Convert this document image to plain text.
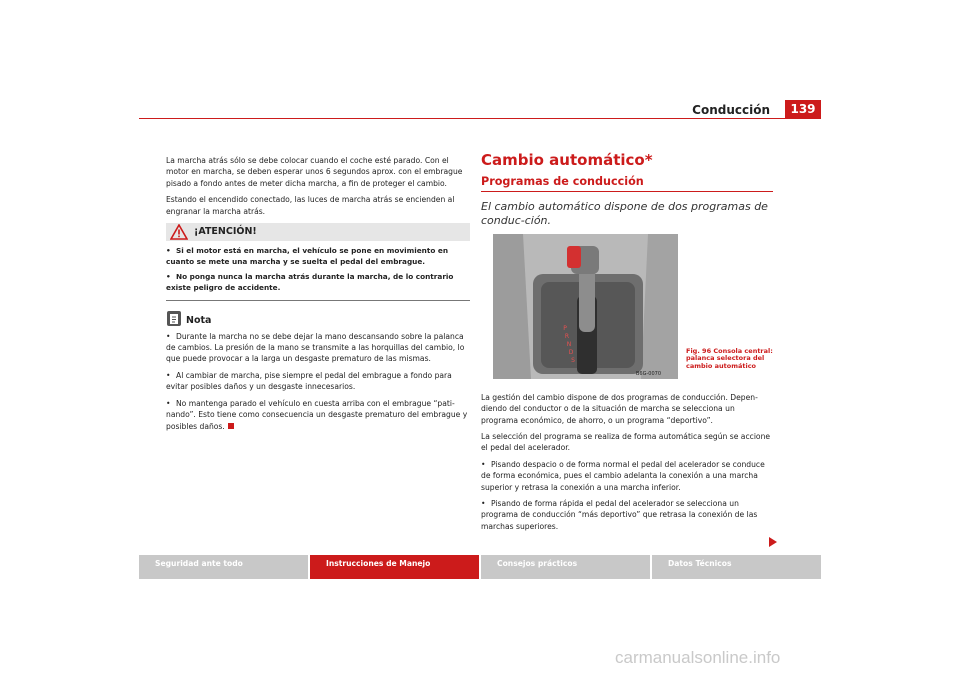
Conducción	139

La marcha atrás sólo se debe colocar cuando el coche esté parado. Con el motor en marcha, se deben esperar unos 6 segundos aprox. con el embrague pisado a fondo antes de meter dicha marcha, a fin de proteger el cambio.

Estando el encendido conectado, las luces de marcha atrás se encienden al engranar la marcha atrás.

¡ATENCIÓN!

• Si el motor está en marcha, el vehículo se pone en movimiento en cuanto se mete una marcha y se suelta el pedal del embrague.

• No ponga nunca la marcha atrás durante la marcha, de lo contrario existe peligro de accidente.

Nota

• Durante la marcha no se debe dejar la mano descansando sobre la palanca de cambios. La presión de la mano se transmite a las horquillas del cambio, lo que puede provocar a la larga un desgaste prematuro de las mismas.

• Al cambiar de marcha, pise siempre el pedal del embrague a fondo para evitar posibles daños y un desgaste innecesarios.

• No mantenga parado el vehículo en cuesta arriba con el embrague “pati-nando”. Esto tiene como consecuencia un desgaste prematuro del embrague y posibles daños.

Cambio automático*
Programas de conducción
El cambio automático dispone de dos programas de conduc-ción.
B6G-0070
P
R
N
D
S
Fig. 96 Consola central: palanca selectora del cambio automático

La gestión del cambio dispone de dos programas de conducción. Depen-diendo del conductor o de la situación de marcha se selecciona un programa económico, de ahorro, o un programa “deportivo”.

La selección del programa se realiza de forma automática según se accione el pedal del acelerador.

• Pisando despacio o de forma normal el pedal del acelerador se conduce de forma económica, pues el cambio adelanta la conexión a una marcha superior y retrasa la conexión a una marcha inferior.

• Pisando de forma rápida el pedal del acelerador se selecciona un programa de conducción “más deportivo” que retrasa la conexión de las marchas superiores.

Seguridad ante todo	Instrucciones de Manejo	Consejos prácticos	Datos Técnicos
carmanualsonline.info
